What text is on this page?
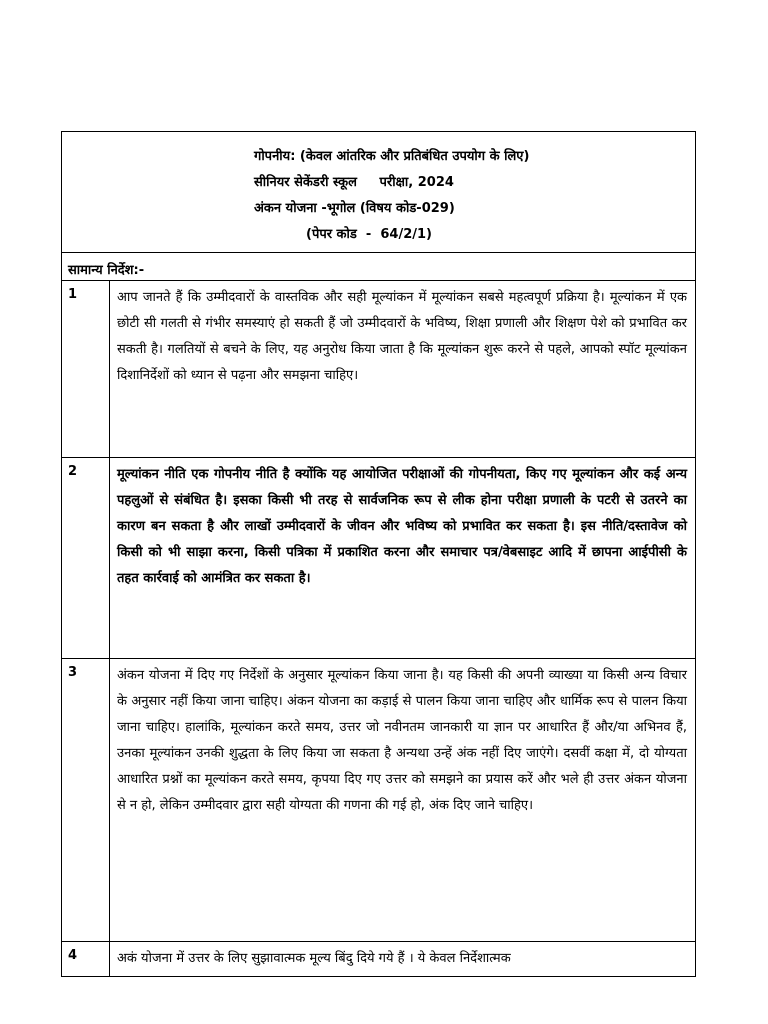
गोपनीय: (केवल आंतरिक और प्रतिबंधित उपयोग के लिए)
सीनियर सेकेंडरी स्कूल     परीक्षा, 2024
अंकन योजना -भूगोल (विषय कोड-029)
(पेपर कोड  -  64/2/1)	

सामान्य निर्देश:-	
1	आप जानते हैं कि उम्मीदवारों के वास्तविक और सही मूल्यांकन में मूल्यांकन सबसे महत्वपूर्ण प्रक्रिया है। मूल्यांकन में एक छोटी सी गलती से गंभीर समस्याएं हो सकती हैं जो उम्मीदवारों के भविष्य, शिक्षा प्रणाली और शिक्षण पेशे को प्रभावित कर सकती है। गलतियों से बचने के लिए, यह अनुरोध किया जाता है कि मूल्यांकन शुरू करने से पहले, आपको स्पॉट मूल्यांकन दिशानिर्देशों को ध्यान से पढ़ना और समझना चाहिए।
2	मूल्यांकन नीति एक गोपनीय नीति है क्योंकि यह आयोजित परीक्षाओं की गोपनीयता, किए गए मूल्यांकन और कई अन्य पहलुओं से संबंधित है। इसका किसी भी तरह से सार्वजनिक रूप से लीक होना परीक्षा प्रणाली के पटरी से उतरने का कारण बन सकता है और लाखों उम्मीदवारों के जीवन और भविष्य को प्रभावित कर सकता है। इस नीति/दस्तावेज को किसी को भी साझा करना, किसी पत्रिका में प्रकाशित करना और समाचार पत्र/वेबसाइट आदि में छापना आईपीसी के तहत कार्रवाई को आमंत्रित कर सकता है।
3	अंकन योजना में दिए गए निर्देशों के अनुसार मूल्यांकन किया जाना है। यह किसी की अपनी व्याख्या या किसी अन्य विचार के अनुसार नहीं किया जाना चाहिए। अंकन योजना का कड़ाई से पालन किया जाना चाहिए और धार्मिक रूप से पालन किया जाना चाहिए। हालांकि, मूल्यांकन करते समय, उत्तर जो नवीनतम जानकारी या ज्ञान पर आधारित हैं और/या अभिनव हैं, उनका मूल्यांकन उनकी शुद्धता के लिए किया जा सकता है अन्यथा उन्हें अंक नहीं दिए जाएंगे। दसवीं कक्षा में, दो योग्यता आधारित प्रश्नों का मूल्यांकन करते समय, कृपया दिए गए उत्तर को समझने का प्रयास करें और भले ही उत्तर अंकन योजना से न हो, लेकिन उम्मीदवार द्वारा सही योग्यता की गणना की गई हो, अंक दिए जाने चाहिए।
4	अकं योजना में उत्तर के लिए सुझावात्मक मूल्य बिंदु दिये गये हैं । ये केवल निर्देशात्मक
